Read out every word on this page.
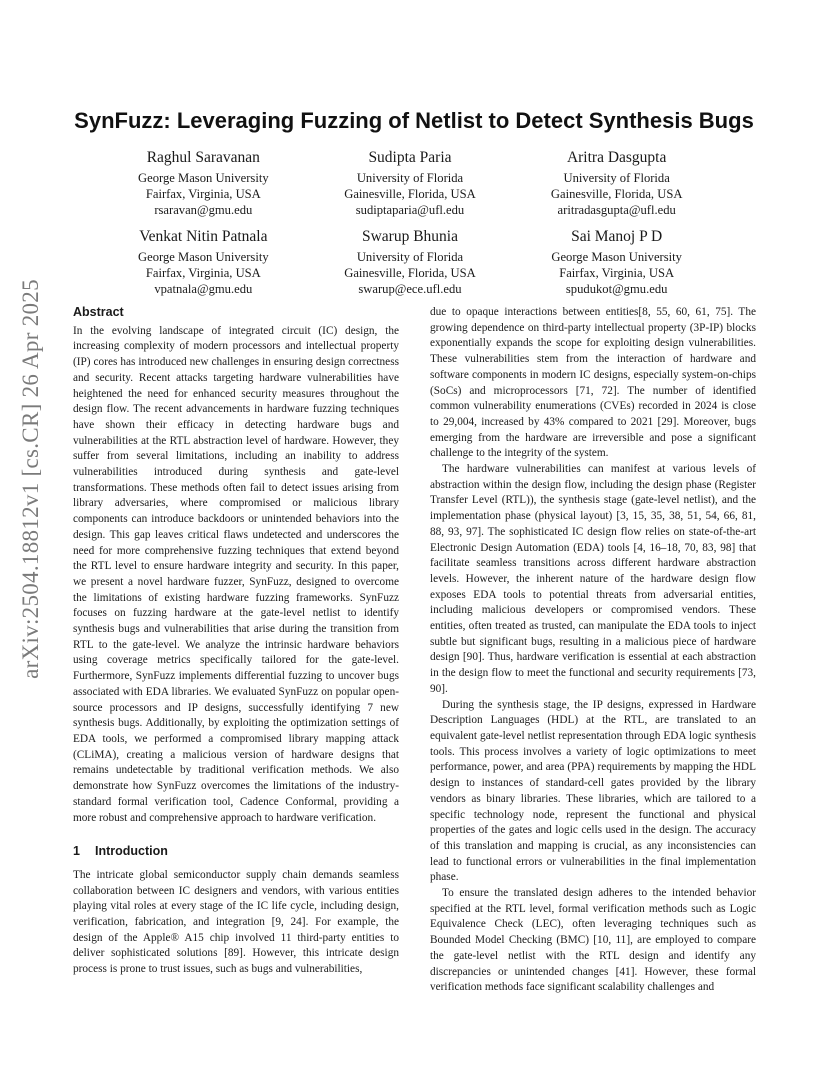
arXiv:2504.18812v1 [cs.CR] 26 Apr 2025
SynFuzz: Leveraging Fuzzing of Netlist to Detect Synthesis Bugs
Raghul Saravanan
George Mason University
Fairfax, Virginia, USA
rsaravan@gmu.edu
Sudipta Paria
University of Florida
Gainesville, Florida, USA
sudiptaparia@ufl.edu
Aritra Dasgupta
University of Florida
Gainesville, Florida, USA
aritradasgupta@ufl.edu
Venkat Nitin Patnala
George Mason University
Fairfax, Virginia, USA
vpatnala@gmu.edu
Swarup Bhunia
University of Florida
Gainesville, Florida, USA
swarup@ece.ufl.edu
Sai Manoj P D
George Mason University
Fairfax, Virginia, USA
spudukot@gmu.edu
Abstract

In the evolving landscape of integrated circuit (IC) design, the increasing complexity of modern processors and intellectual property (IP) cores has introduced new challenges in ensuring design correctness and security. Recent attacks targeting hardware vulnerabilities have heightened the need for enhanced security measures throughout the design flow. The recent advancements in hardware fuzzing techniques have shown their efficacy in detecting hardware bugs and vulnerabilities at the RTL abstraction level of hardware. However, they suffer from several limitations, including an inability to address vulnerabilities introduced during synthesis and gate-level transformations. These methods often fail to detect issues arising from library adversaries, where compromised or malicious library components can introduce backdoors or unintended behaviors into the design. This gap leaves critical flaws undetected and underscores the need for more comprehensive fuzzing techniques that extend beyond the RTL level to ensure hardware integrity and security. In this paper, we present a novel hardware fuzzer, SynFuzz, designed to overcome the limitations of existing hardware fuzzing frameworks. SynFuzz focuses on fuzzing hardware at the gate-level netlist to identify synthesis bugs and vulnerabilities that arise during the transition from RTL to the gate-level. We analyze the intrinsic hardware behaviors using coverage metrics specifically tailored for the gate-level. Furthermore, SynFuzz implements differential fuzzing to uncover bugs associated with EDA libraries. We evaluated SynFuzz on popular open-source processors and IP designs, successfully identifying 7 new synthesis bugs. Additionally, by exploiting the optimization settings of EDA tools, we performed a compromised library mapping attack (CLiMA), creating a malicious version of hardware designs that remains undetectable by traditional verification methods. We also demonstrate how SynFuzz overcomes the limitations of the industry-standard formal verification tool, Cadence Conformal, providing a more robust and comprehensive approach to hardware verification.

1 Introduction

The intricate global semiconductor supply chain demands seamless collaboration between IC designers and vendors, with various entities playing vital roles at every stage of the IC life cycle, including design, verification, fabrication, and integration [9, 24]. For example, the design of the Apple® A15 chip involved 11 third-party entities to deliver sophisticated solutions [89]. However, this intricate design process is prone to trust issues, such as bugs and vulnerabilities,

due to opaque interactions between entities[8, 55, 60, 61, 75]. The growing dependence on third-party intellectual property (3P-IP) blocks exponentially expands the scope for exploiting design vulnerabilities. These vulnerabilities stem from the interaction of hardware and software components in modern IC designs, especially system-on-chips (SoCs) and microprocessors [71, 72]. The number of identified common vulnerability enumerations (CVEs) recorded in 2024 is close to 29,004, increased by 43% compared to 2021 [29]. Moreover, bugs emerging from the hardware are irreversible and pose a significant challenge to the integrity of the system.

The hardware vulnerabilities can manifest at various levels of abstraction within the design flow, including the design phase (Register Transfer Level (RTL)), the synthesis stage (gate-level netlist), and the implementation phase (physical layout) [3, 15, 35, 38, 51, 54, 66, 81, 88, 93, 97]. The sophisticated IC design flow relies on state-of-the-art Electronic Design Automation (EDA) tools [4, 16–18, 70, 83, 98] that facilitate seamless transitions across different hardware abstraction levels. However, the inherent nature of the hardware design flow exposes EDA tools to potential threats from adversarial entities, including malicious developers or compromised vendors. These entities, often treated as trusted, can manipulate the EDA tools to inject subtle but significant bugs, resulting in a malicious piece of hardware design [90]. Thus, hardware verification is essential at each abstraction in the design flow to meet the functional and security requirements [73, 90].

During the synthesis stage, the IP designs, expressed in Hardware Description Languages (HDL) at the RTL, are translated to an equivalent gate-level netlist representation through EDA logic synthesis tools. This process involves a variety of logic optimizations to meet performance, power, and area (PPA) requirements by mapping the HDL design to instances of standard-cell gates provided by the library vendors as binary libraries. These libraries, which are tailored to a specific technology node, represent the functional and physical properties of the gates and logic cells used in the design. The accuracy of this translation and mapping is crucial, as any inconsistencies can lead to functional errors or vulnerabilities in the final implementation phase.

To ensure the translated design adheres to the intended behavior specified at the RTL level, formal verification methods such as Logic Equivalence Check (LEC), often leveraging techniques such as Bounded Model Checking (BMC) [10, 11], are employed to compare the gate-level netlist with the RTL design and identify any discrepancies or unintended changes [41]. However, these formal verification methods face significant scalability challenges and
